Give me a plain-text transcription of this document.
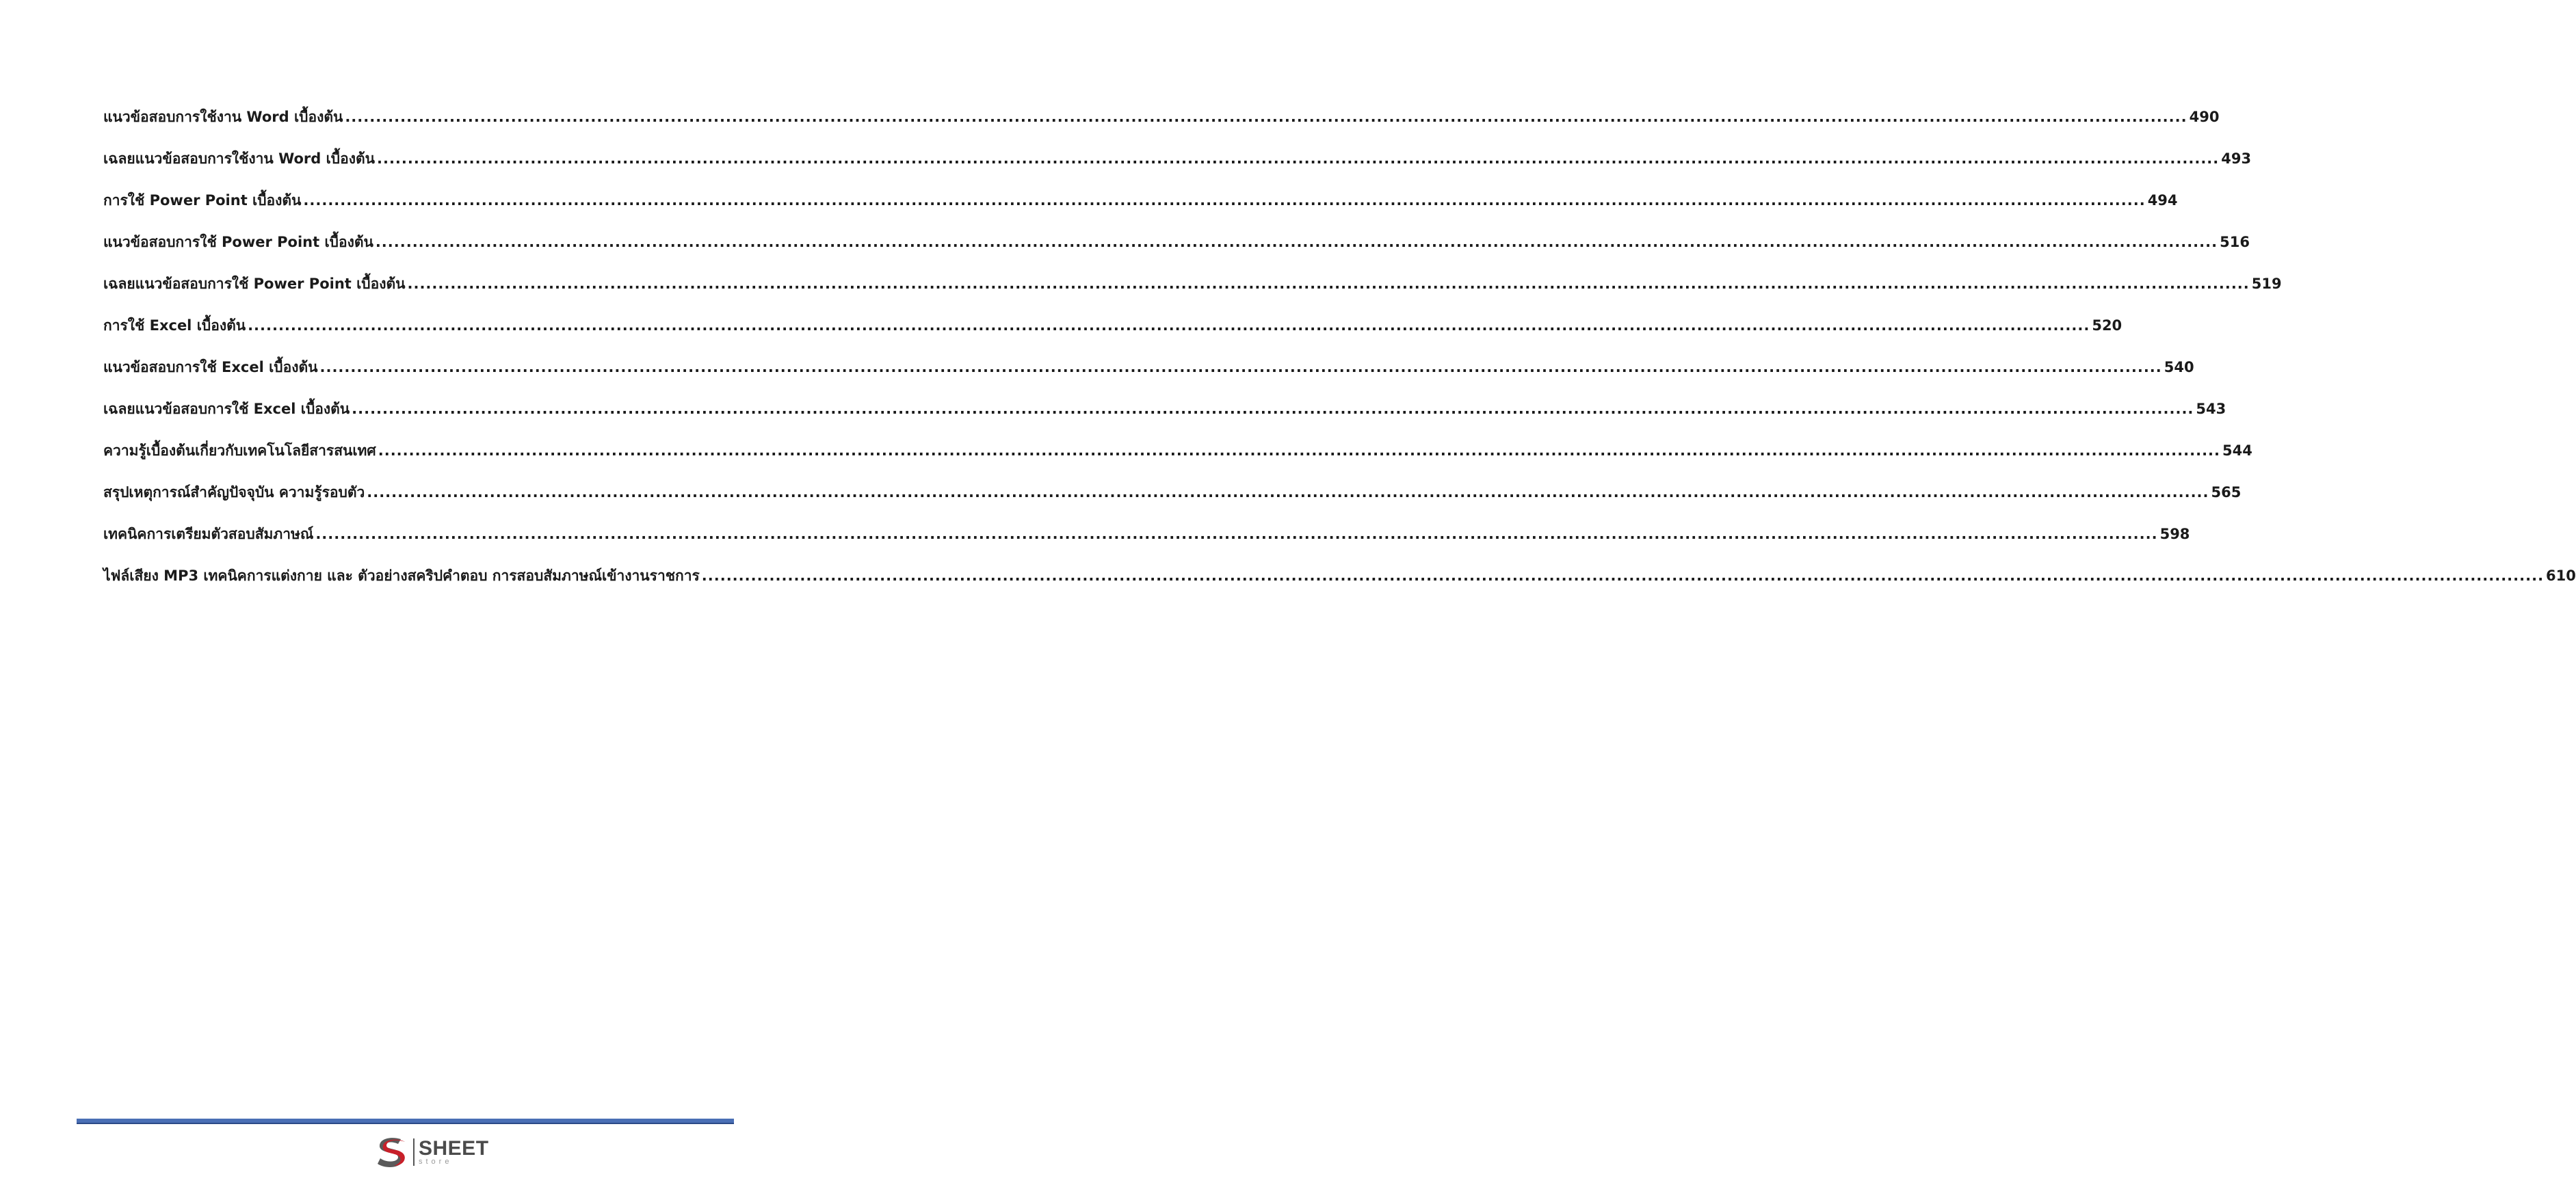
แนวข้อสอบการใช้งาน Word เบื้องต้น ............................................................................................................................................................................................................................................................................................................ 490
เฉลยแนวข้อสอบการใช้งาน Word เบื้องต้น ............................................................................................................................................................................................................................................................................................................ 493
การใช้ Power Point เบื้องต้น ............................................................................................................................................................................................................................................................................................................ 494
แนวข้อสอบการใช้ Power Point เบื้องต้น ............................................................................................................................................................................................................................................................................................................ 516
เฉลยแนวข้อสอบการใช้ Power Point เบื้องต้น ............................................................................................................................................................................................................................................................................................................ 519
การใช้ Excel เบื้องต้น ............................................................................................................................................................................................................................................................................................................ 520
แนวข้อสอบการใช้ Excel เบื้องต้น ............................................................................................................................................................................................................................................................................................................ 540
เฉลยแนวข้อสอบการใช้ Excel เบื้องต้น ............................................................................................................................................................................................................................................................................................................ 543
ความรู้เบื้องต้นเกี่ยวกับเทคโนโลยีสารสนเทศ ............................................................................................................................................................................................................................................................................................................ 544
สรุปเหตุการณ์สำคัญปัจจุบัน ความรู้รอบตัว ............................................................................................................................................................................................................................................................................................................ 565
เทคนิคการเตรียมตัวสอบสัมภาษณ์ ............................................................................................................................................................................................................................................................................................................ 598
ไฟล์เสียง MP3 เทคนิคการแต่งกาย และ ตัวอย่างสคริปคำตอบ การสอบสัมภาษณ์เข้างานราชการ ............................................................................................................................................................................................................................................................................................................ 610
SHEET
store
